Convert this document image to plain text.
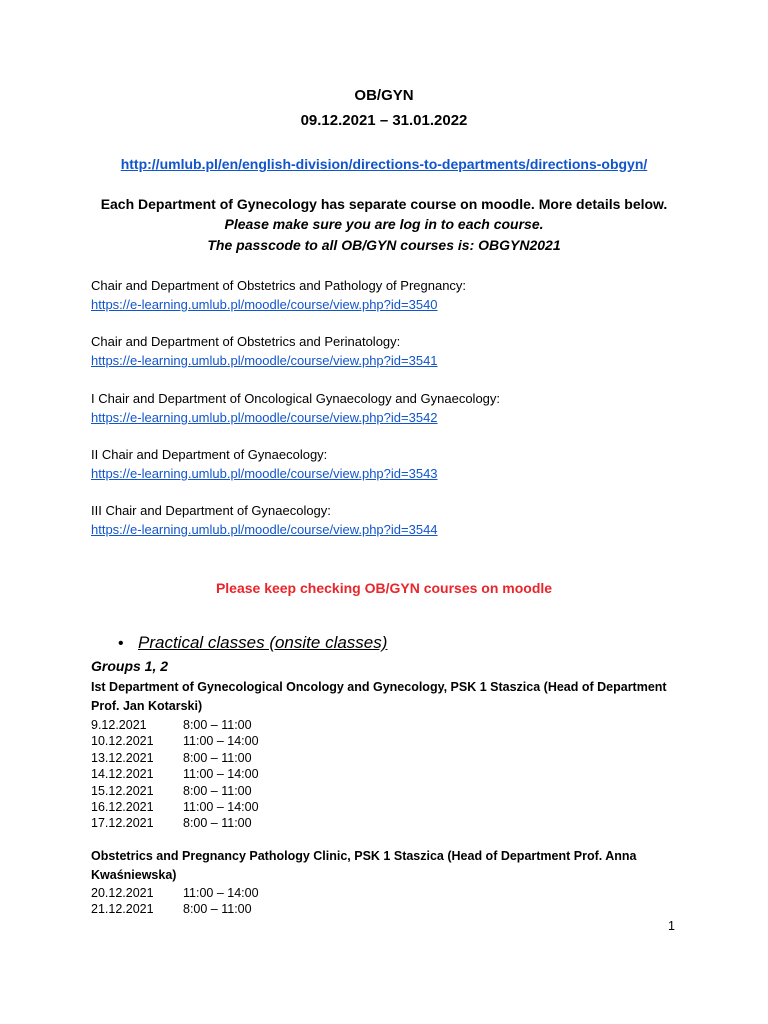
OB/GYN
09.12.2021 – 31.01.2022
http://umlub.pl/en/english-division/directions-to-departments/directions-obgyn/
Each Department of Gynecology has separate course on moodle. More details below.
Please make sure you are log in to each course.
The passcode to all OB/GYN courses is: OBGYN2021
Chair and Department of Obstetrics and Pathology of Pregnancy:
https://e-learning.umlub.pl/moodle/course/view.php?id=3540
Chair and Department of Obstetrics and Perinatology:
https://e-learning.umlub.pl/moodle/course/view.php?id=3541
I Chair and Department of Oncological Gynaecology and Gynaecology:
https://e-learning.umlub.pl/moodle/course/view.php?id=3542
II Chair and Department of Gynaecology:
https://e-learning.umlub.pl/moodle/course/view.php?id=3543
III Chair and Department of Gynaecology:
https://e-learning.umlub.pl/moodle/course/view.php?id=3544
Please keep checking OB/GYN courses on moodle
• Practical classes (onsite classes)
Groups 1, 2
Ist Department of Gynecological Oncology and Gynecology, PSK 1 Staszica (Head of Department Prof. Jan Kotarski)
9.12.2021	8:00 – 11:00
10.12.2021 11:00 – 14:00
13.12.2021 8:00 – 11:00
14.12.2021 11:00 – 14:00
15.12.2021 8:00 – 11:00
16.12.2021 11:00 – 14:00
17.12.2021 8:00 – 11:00
Obstetrics and Pregnancy Pathology Clinic, PSK 1 Staszica (Head of Department Prof. Anna Kwaśniewska)
20.12.2021 11:00 – 14:00
21.12.2021 8:00 – 11:00
1
